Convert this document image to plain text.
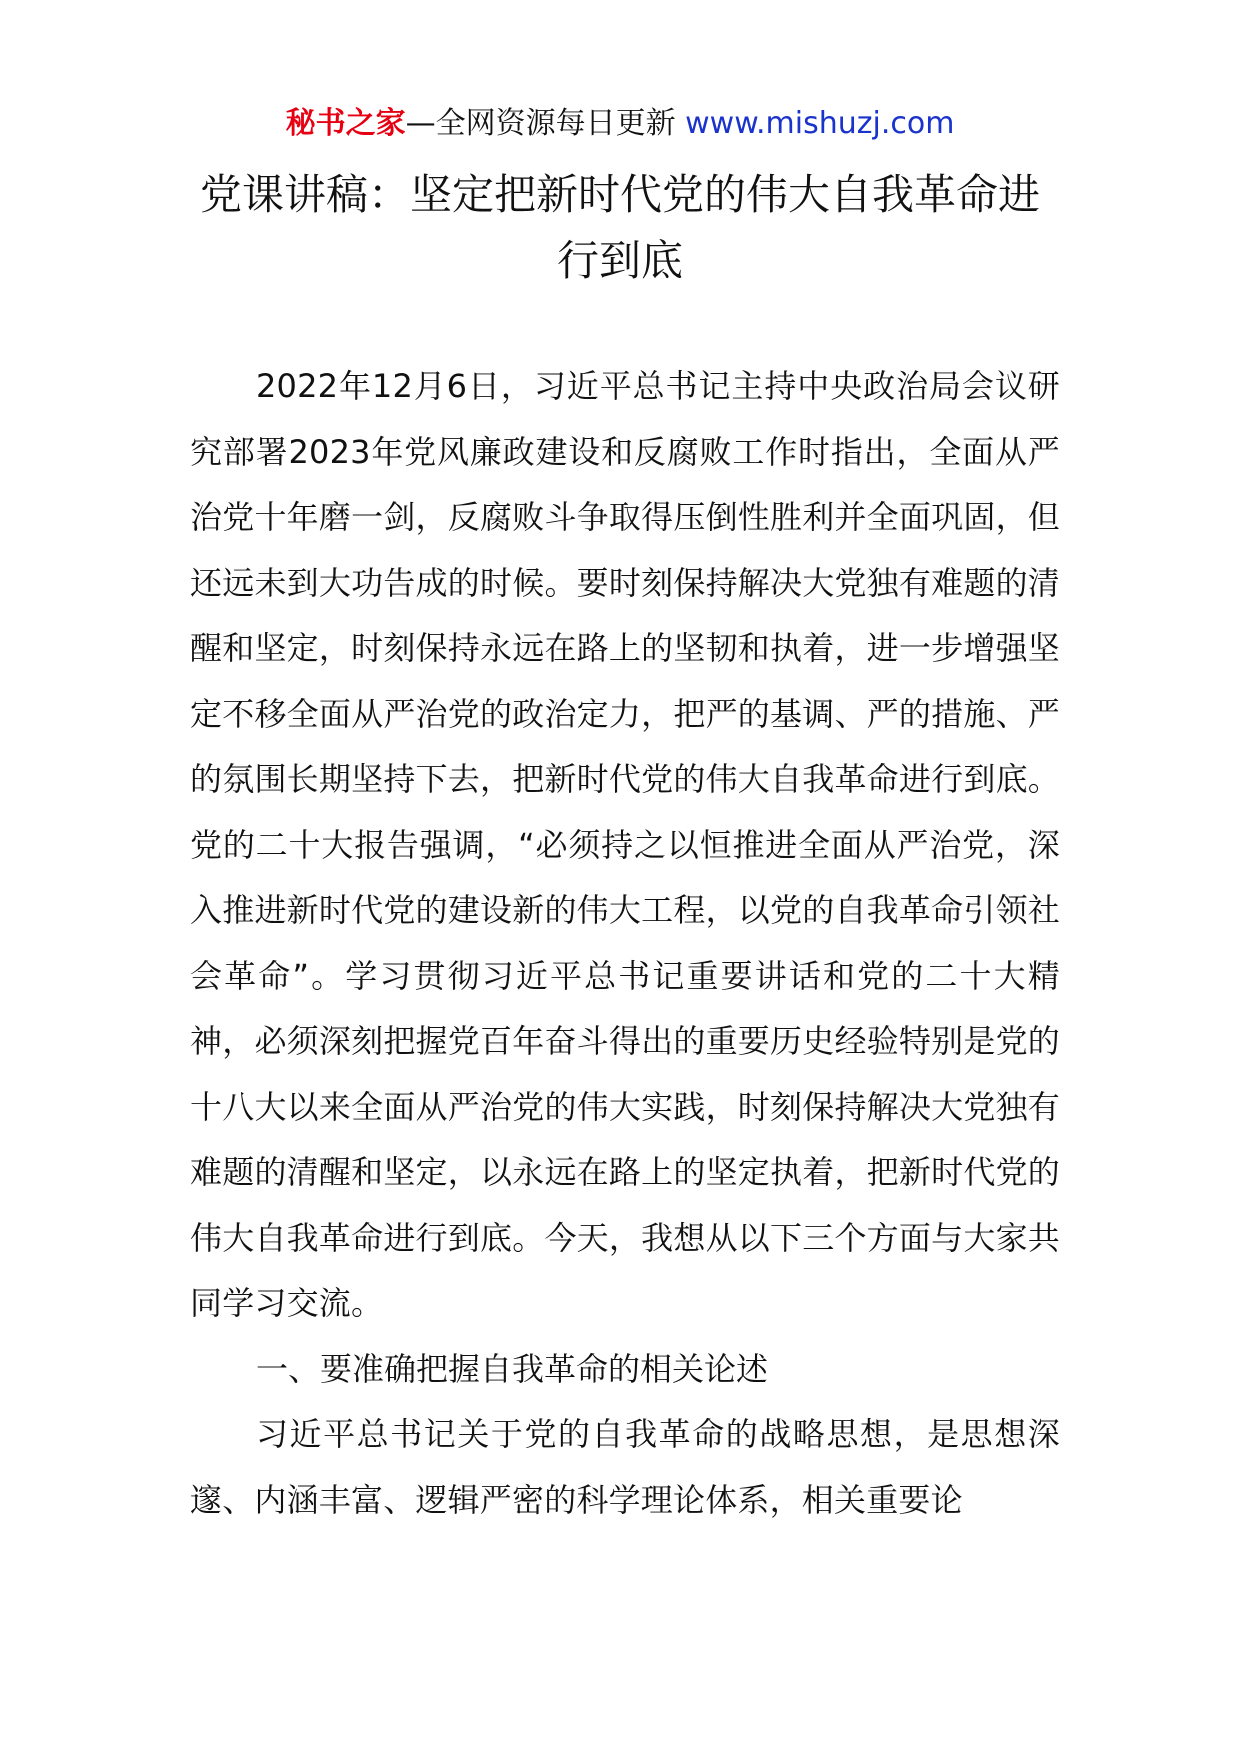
秘书之家—全网资源每日更新 www.mishuzj.com
党课讲稿：坚定把新时代党的伟大自我革命进行到底

2022年12月6日，习近平总书记主持中央政治局会议研究部署2023年党风廉政建设和反腐败工作时指出，全面从严治党十年磨一剑，反腐败斗争取得压倒性胜利并全面巩固，但还远未到大功告成的时候。要时刻保持解决大党独有难题的清醒和坚定，时刻保持永远在路上的坚韧和执着，进一步增强坚定不移全面从严治党的政治定力，把严的基调、严的措施、严的氛围长期坚持下去，把新时代党的伟大自我革命进行到底。党的二十大报告强调，“必须持之以恒推进全面从严治党，深入推进新时代党的建设新的伟大工程，以党的自我革命引领社会革命”。学习贯彻习近平总书记重要讲话和党的二十大精神，必须深刻把握党百年奋斗得出的重要历史经验特别是党的十八大以来全面从严治党的伟大实践，时刻保持解决大党独有难题的清醒和坚定，以永远在路上的坚定执着，把新时代党的伟大自我革命进行到底。今天，我想从以下三个方面与大家共同学习交流。

一、要准确把握自我革命的相关论述

习近平总书记关于党的自我革命的战略思想，是思想深邃、内涵丰富、逻辑严密的科学理论体系，相关重要论
